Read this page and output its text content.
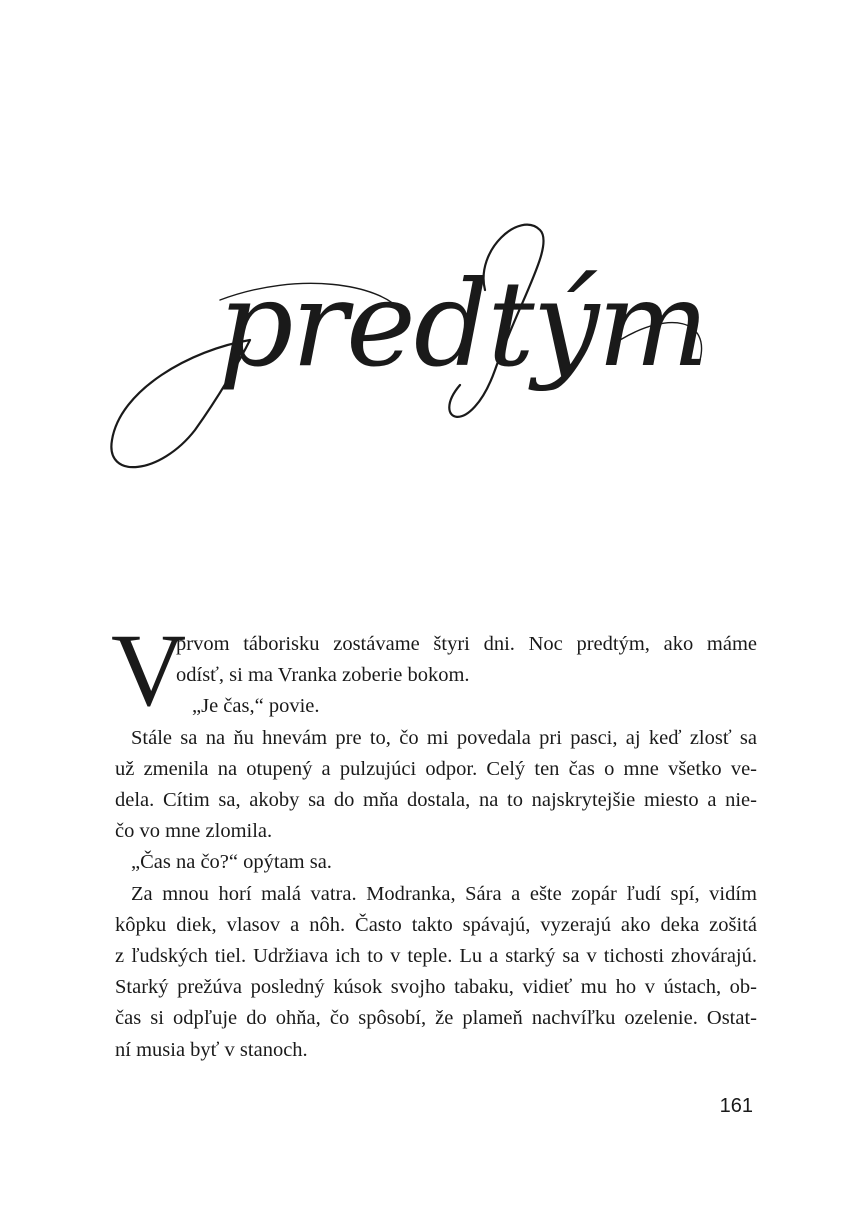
predtým
V
prvom táborisku zostávame štyri dni. Noc predtým, ako máme
odísť, si ma Vranka zoberie bokom.
„Je čas,“ povie.
Stále sa na ňu hnevám pre to, čo mi povedala pri pasci, aj keď zlosť sa
už zmenila na otupený a pulzujúci odpor. Celý ten čas o mne všetko ve-
dela. Cítim sa, akoby sa do mňa dostala, na to najskrytejšie miesto a nie-
čo vo mne zlomila.
„Čas na čo?“ opýtam sa.
Za mnou horí malá vatra. Modranka, Sára a ešte zopár ľudí spí, vidím
kôpku diek, vlasov a nôh. Často takto spávajú, vyzerajú ako deka zošitá
z ľudských tiel. Udržiava ich to v teple. Lu a starký sa v tichosti zhovárajú.
Starký prežúva posledný kúsok svojho tabaku, vidieť mu ho v ústach, ob-
čas si odpľuje do ohňa, čo spôsobí, že plameň nachvíľku ozelenie. Ostat-
ní musia byť v stanoch.
161
